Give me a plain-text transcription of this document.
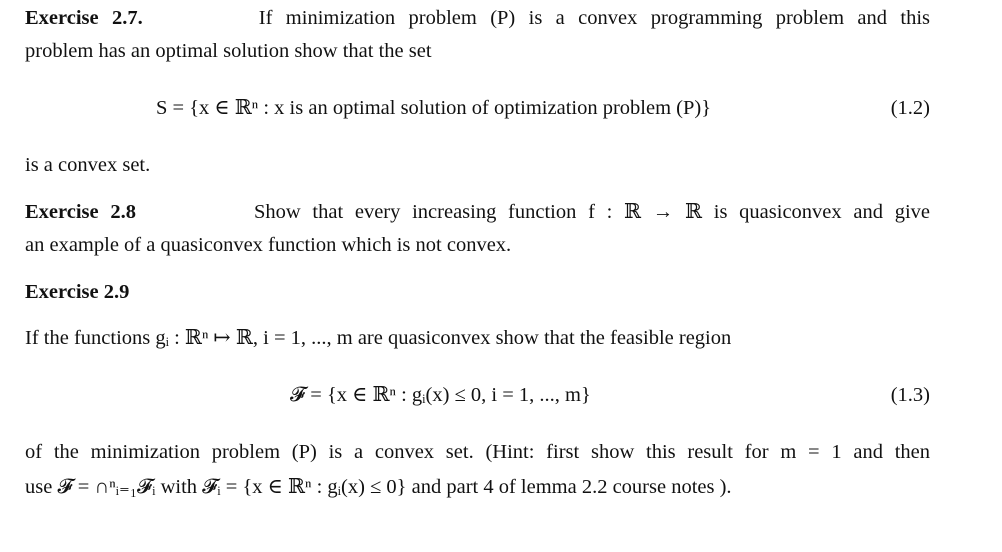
Exercise 2.7.	If minimization problem (P) is a convex programming problem and this
problem has an optimal solution show that the set
S = {x ∈ ℝⁿ : x is an optimal solution of optimization problem (P)}	(1.2)
is a convex set.
Exercise 2.8	Show that every increasing function f : ℝ → ℝ is quasiconvex and give
an example of a quasiconvex function which is not convex.
Exercise 2.9
If the functions gᵢ : ℝⁿ ↦ ℝ, i = 1, ..., m are quasiconvex show that the feasible region
𝓕 = {x ∈ ℝⁿ : gᵢ(x) ≤ 0, i = 1, ..., m}	(1.3)
of the minimization problem (P) is a convex set. (Hint: first show this result for m = 1 and then
use 𝓕 = ∩ⁿᵢ₌₁𝓕ᵢ with 𝓕ᵢ = {x ∈ ℝⁿ : gᵢ(x) ≤ 0} and part 4 of lemma 2.2 course notes ).
